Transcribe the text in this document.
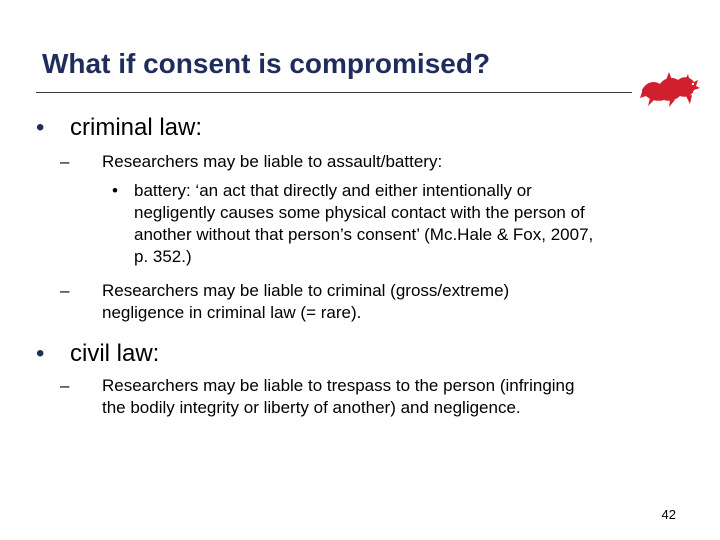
What if consent is compromised?
• criminal law:
– Researchers may be liable to assault/battery:
• battery: ‘an act that directly and either intentionally or
negligently causes some physical contact with the person of
another without that person’s consent’ (Mc.Hale & Fox, 2007,
p. 352.)
– Researchers may be liable to criminal (gross/extreme)
negligence in criminal law (= rare).
• civil law:
– Researchers may be liable to trespass to the person (infringing
the bodily integrity or liberty of another) and negligence.
42
